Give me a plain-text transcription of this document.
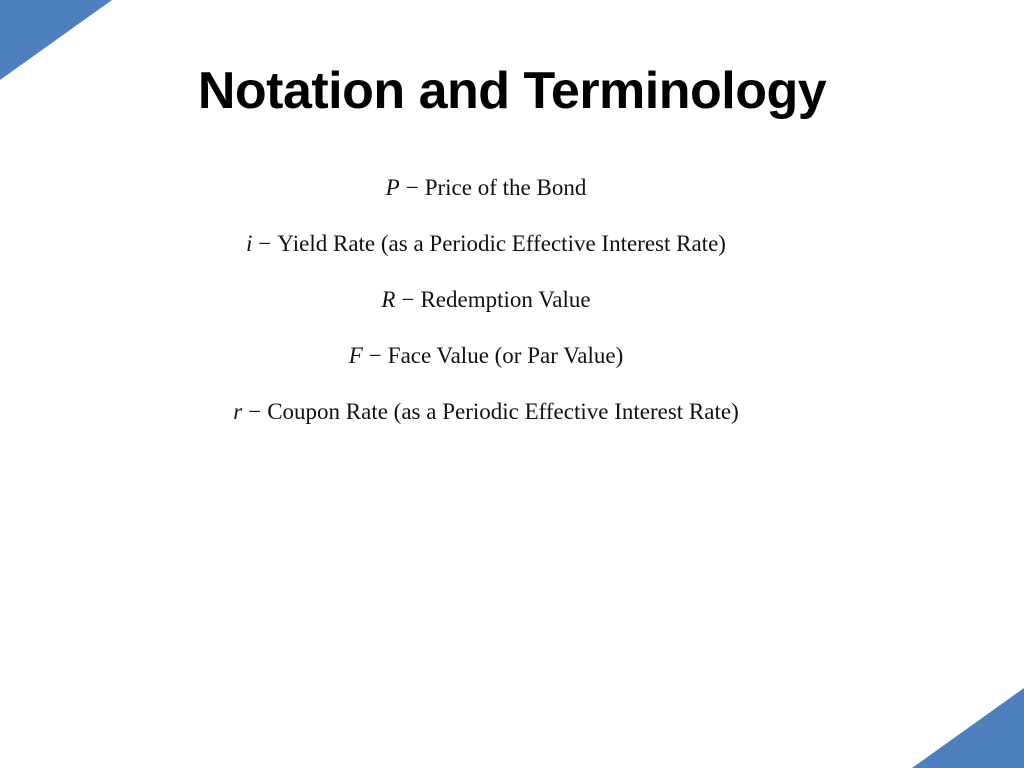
Notation and Terminology
P − Price of the Bond
i − Yield Rate (as a Periodic Effective Interest Rate)
R − Redemption Value
F − Face Value (or Par Value)
r − Coupon Rate (as a Periodic Effective Interest Rate)
